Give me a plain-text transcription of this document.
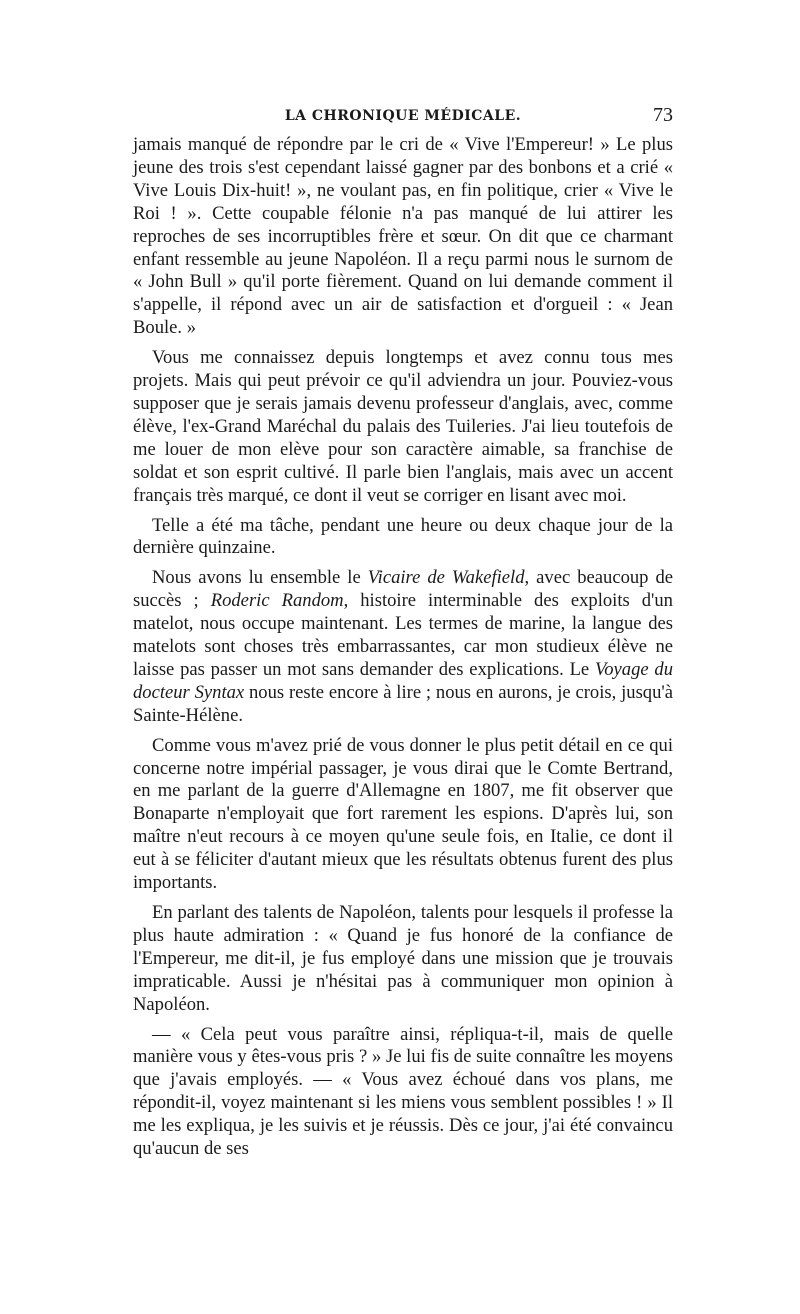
LA CHRONIQUE MÉDICALE.	73

jamais manqué de répondre par le cri de « Vive l'Empereur! » Le plus jeune des trois s'est cependant laissé gagner par des bonbons et a crié « Vive Louis Dix-huit! », ne voulant pas, en fin politique, crier « Vive le Roi ! ». Cette coupable félonie n'a pas manqué de lui attirer les reproches de ses incorruptibles frère et sœur. On dit que ce charmant enfant ressemble au jeune Napoléon. Il a reçu parmi nous le surnom de « John Bull » qu'il porte fièrement. Quand on lui demande comment il s'appelle, il répond avec un air de satisfaction et d'orgueil : « Jean Boule. »

Vous me connaissez depuis longtemps et avez connu tous mes projets. Mais qui peut prévoir ce qu'il adviendra un jour. Pouviez-vous supposer que je serais jamais devenu professeur d'anglais, avec, comme élève, l'ex-Grand Maréchal du palais des Tuileries. J'ai lieu toutefois de me louer de mon elève pour son caractère aimable, sa franchise de soldat et son esprit cultivé. Il parle bien l'anglais, mais avec un accent français très marqué, ce dont il veut se corriger en lisant avec moi.

Telle a été ma tâche, pendant une heure ou deux chaque jour de la dernière quinzaine.

Nous avons lu ensemble le Vicaire de Wakefield, avec beaucoup de succès ; Roderic Random, histoire interminable des exploits d'un matelot, nous occupe maintenant. Les termes de marine, la langue des matelots sont choses très embarrassantes, car mon studieux élève ne laisse pas passer un mot sans demander des explications. Le Voyage du docteur Syntax nous reste encore à lire ; nous en aurons, je crois, jusqu'à Sainte-Hélène.

Comme vous m'avez prié de vous donner le plus petit détail en ce qui concerne notre impérial passager, je vous dirai que le Comte Bertrand, en me parlant de la guerre d'Allemagne en 1807, me fit observer que Bonaparte n'employait que fort rarement les espions. D'après lui, son maître n'eut recours à ce moyen qu'une seule fois, en Italie, ce dont il eut à se féliciter d'autant mieux que les résultats obtenus furent des plus importants.

En parlant des talents de Napoléon, talents pour lesquels il professe la plus haute admiration : « Quand je fus honoré de la confiance de l'Empereur, me dit-il, je fus employé dans une mission que je trouvais impraticable. Aussi je n'hésitai pas à communiquer mon opinion à Napoléon.

— « Cela peut vous paraître ainsi, répliqua-t-il, mais de quelle manière vous y êtes-vous pris ? » Je lui fis de suite connaître les moyens que j'avais employés. — « Vous avez échoué dans vos plans, me répondit-il, voyez maintenant si les miens vous semblent possibles ! » Il me les expliqua, je les suivis et je réussis. Dès ce jour, j'ai été convaincu qu'aucun de ses
